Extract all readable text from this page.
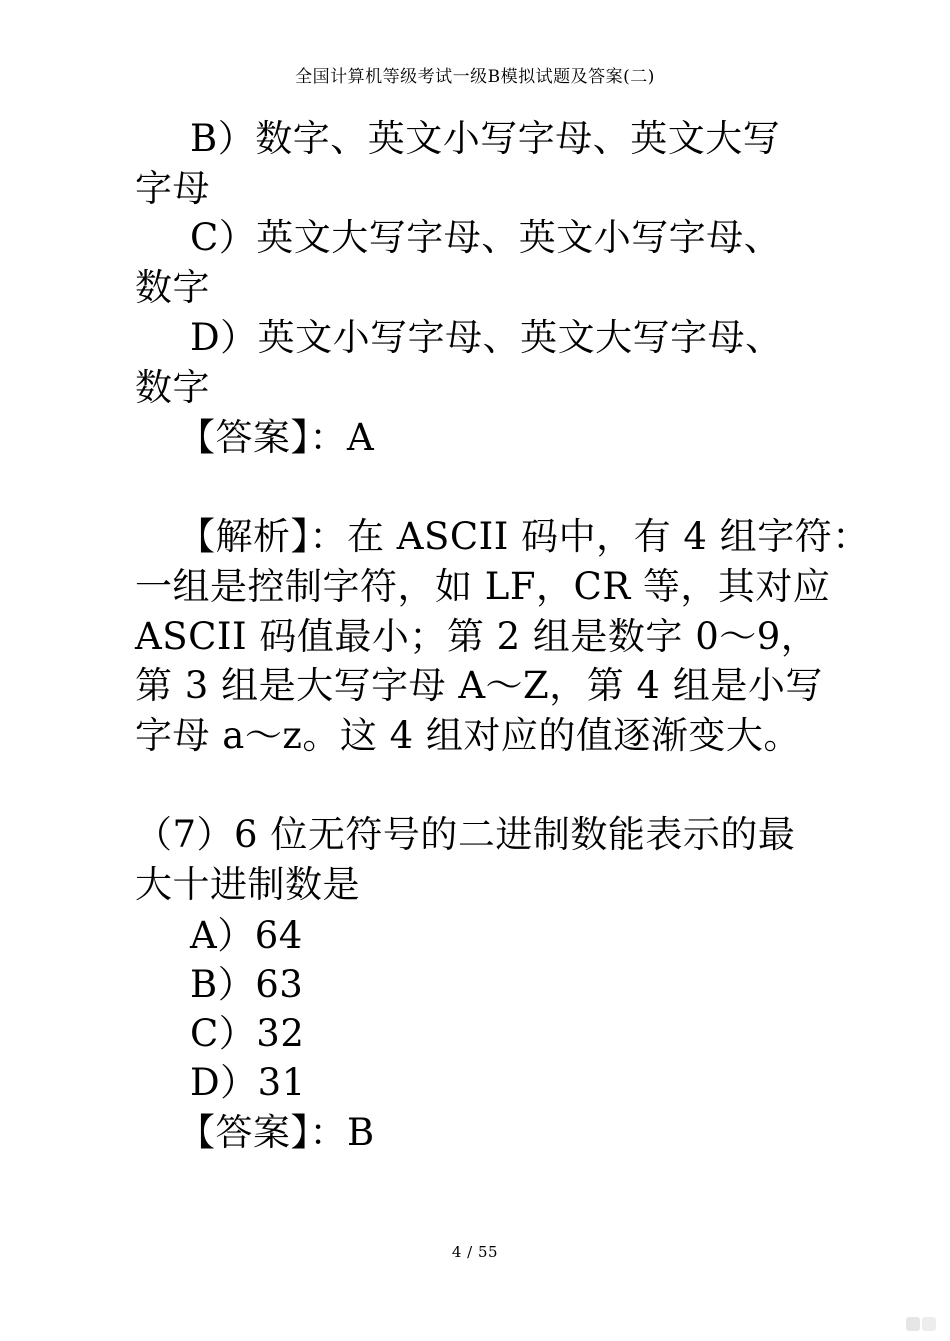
全国计算机等级考试一级B模拟试题及答案(二)
B）数字、英文小写字母、英文大写
字母
C）英文大写字母、英文小写字母、
数字
D）英文小写字母、英文大写字母、
数字
【答案】：A
【解析】：在 ASCII 码中，有 4 组字符：
一组是控制字符，如 LF，CR 等，其对应
ASCII 码值最小；第 2 组是数字 0～9，
第 3 组是大写字母 A～Z，第 4 组是小写
字母 a～z。这 4 组对应的值逐渐变大。
（7）6 位无符号的二进制数能表示的最
大十进制数是
A）64
B）63
C）32
D）31
【答案】：B
4 / 55
